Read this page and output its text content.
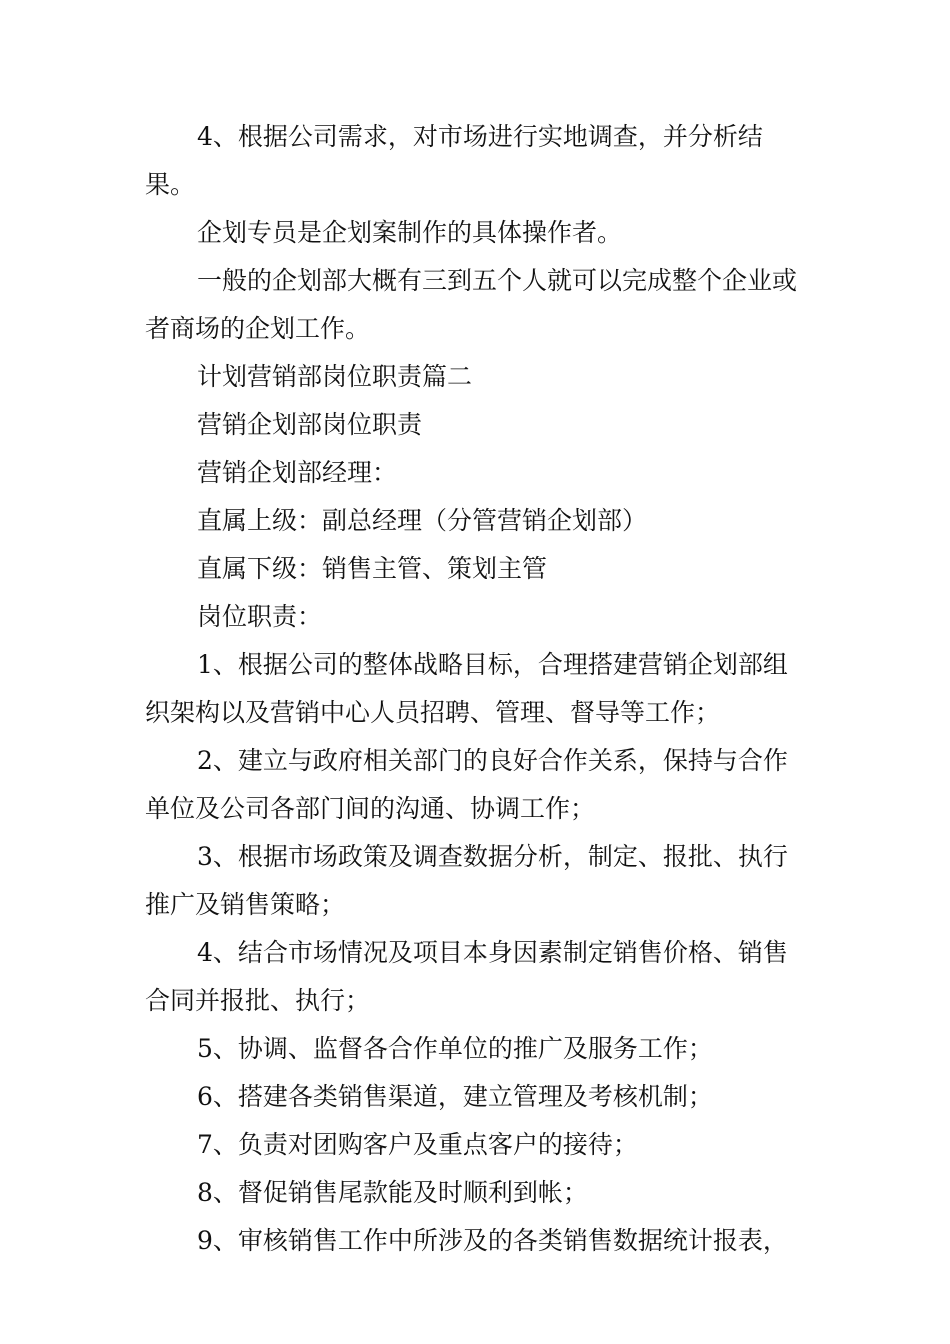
4、根据公司需求，对市场进行实地调查，并分析结果。

企划专员是企划案制作的具体操作者。

一般的企划部大概有三到五个人就可以完成整个企业或者商场的企划工作。

计划营销部岗位职责篇二

营销企划部岗位职责

营销企划部经理：

直属上级：副总经理（分管营销企划部）

直属下级：销售主管、策划主管

岗位职责：

1、根据公司的整体战略目标，合理搭建营销企划部组织架构以及营销中心人员招聘、管理、督导等工作；

2、建立与政府相关部门的良好合作关系，保持与合作单位及公司各部门间的沟通、协调工作；

3、根据市场政策及调查数据分析，制定、报批、执行推广及销售策略；

4、结合市场情况及项目本身因素制定销售价格、销售合同并报批、执行；

5、协调、监督各合作单位的推广及服务工作；

6、搭建各类销售渠道，建立管理及考核机制；

7、负责对团购客户及重点客户的接待；

8、督促销售尾款能及时顺利到帐；

9、审核销售工作中所涉及的各类销售数据统计报表，
